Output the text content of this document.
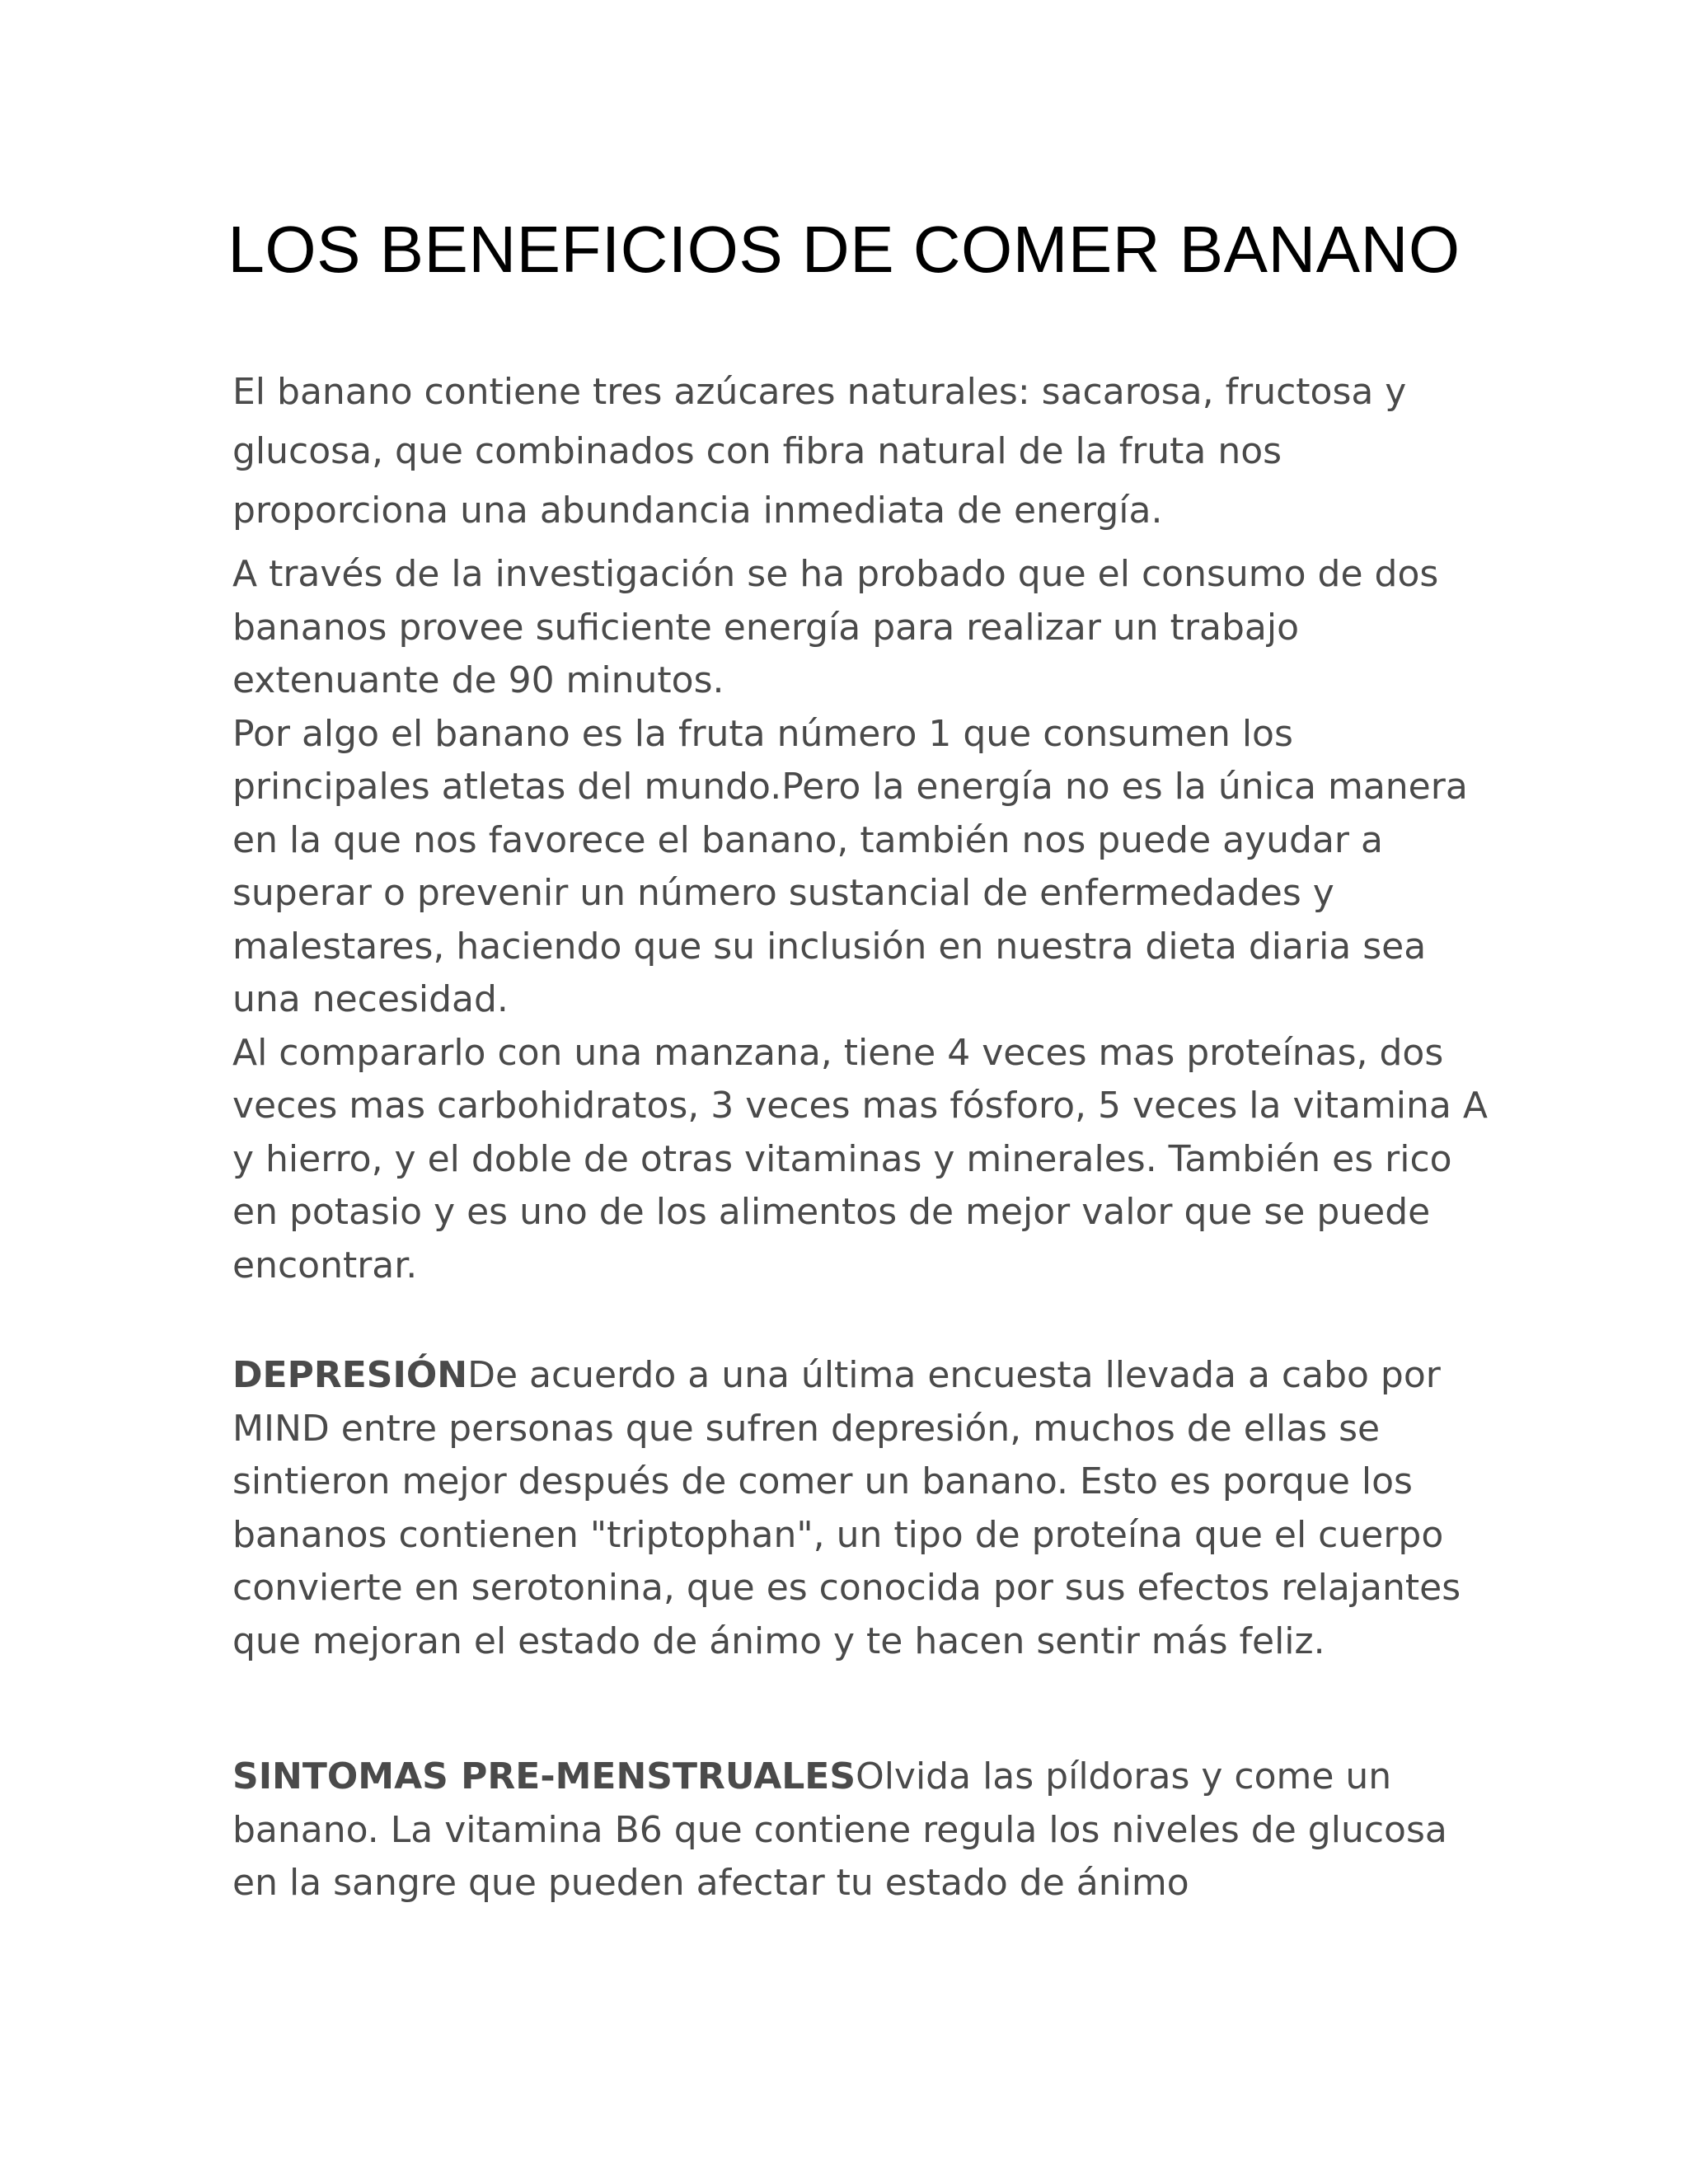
LOS BENEFICIOS DE COMER BANANO
El banano contiene tres azúcares naturales: sacarosa, fructosa y
glucosa, que combinados con fibra natural de la fruta nos
proporciona una abundancia inmediata de energía.
A través de la investigación se ha probado que el consumo de dos
bananos provee suficiente energía para realizar un trabajo
extenuante de 90 minutos.
Por algo el banano es la fruta número 1 que consumen los
principales atletas del mundo.Pero la energía no es la única manera
en la que nos favorece el banano, también nos puede ayudar a
superar o prevenir un número sustancial de enfermedades y
malestares, haciendo que su inclusión en nuestra dieta diaria sea
una necesidad.
Al compararlo con una manzana, tiene 4 veces mas proteínas, dos
veces mas carbohidratos, 3 veces mas fósforo, 5 veces la vitamina A
y hierro, y el doble de otras vitaminas y minerales. También es rico
en potasio y es uno de los alimentos de mejor valor que se puede
encontrar.
DEPRESIÓNDe acuerdo a una última encuesta llevada a cabo por
MIND entre personas que sufren depresión, muchos de ellas se
sintieron mejor después de comer un banano. Esto es porque los
bananos contienen "triptophan", un tipo de proteína que el cuerpo
convierte en serotonina, que es conocida por sus efectos relajantes
que mejoran el estado de ánimo y te hacen sentir más feliz.
SINTOMAS PRE-MENSTRUALESOlvida las píldoras y come un
banano. La vitamina B6 que contiene regula los niveles de glucosa
en la sangre que pueden afectar tu estado de ánimo
